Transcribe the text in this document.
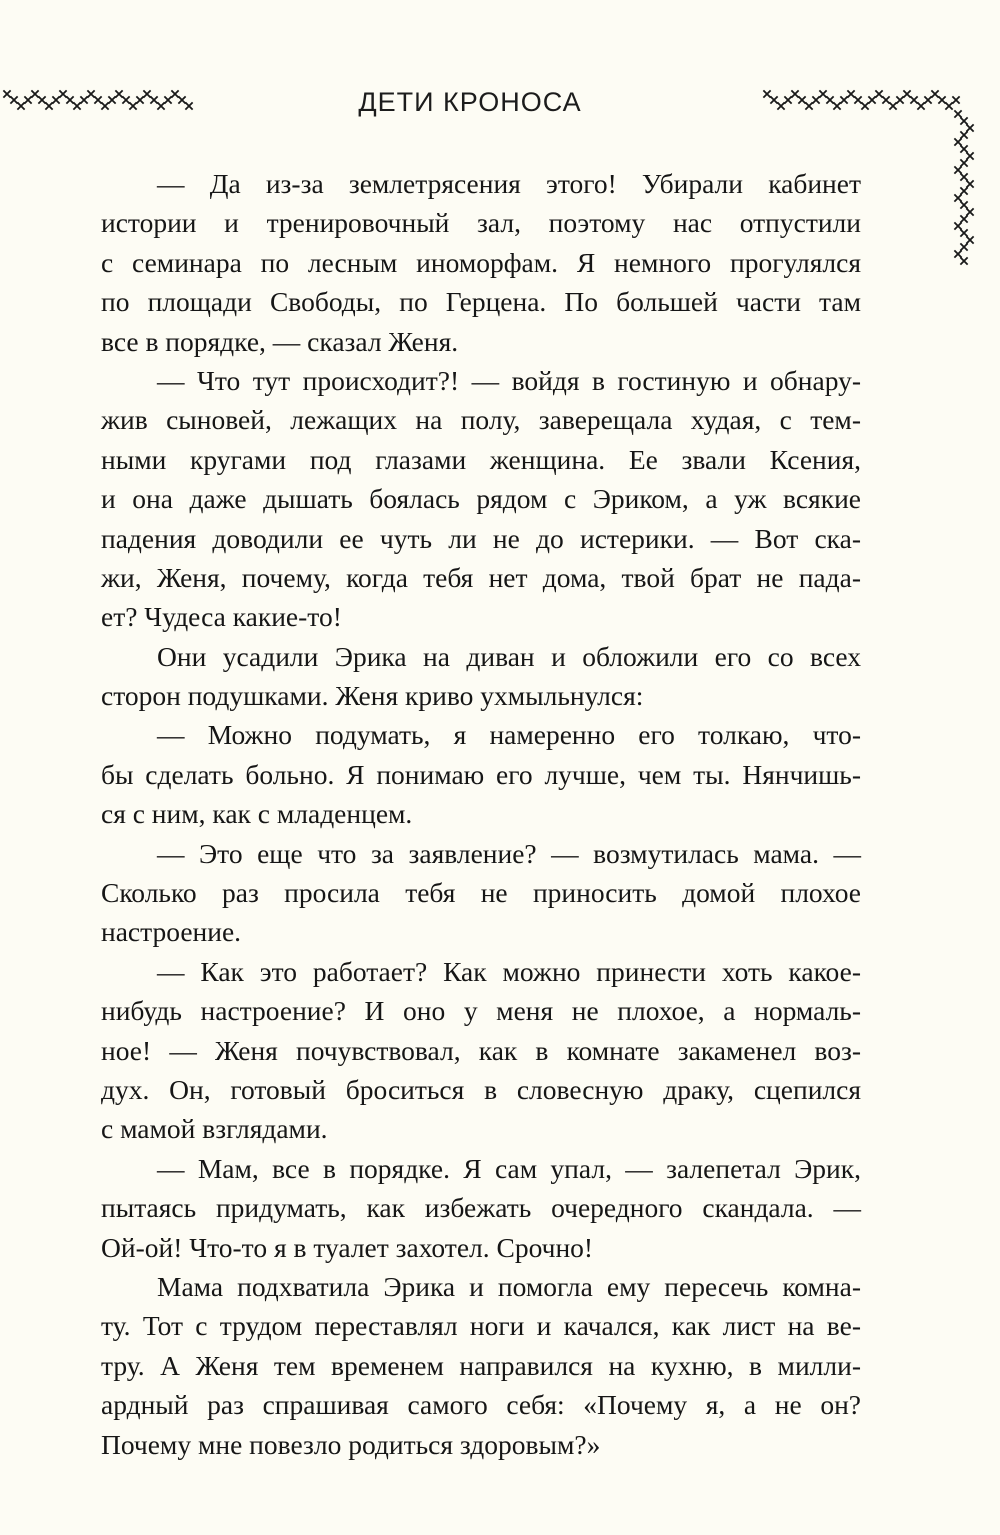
ДЕТИ КРОНОСА
— Да из-за землетрясения этого! Убирали кабинет
истории и тренировочный зал, поэтому нас отпустили
с семинара по лесным иноморфам. Я немного прогулялся
по площади Свободы, по Герцена. По большей части там
все в порядке, — сказал Женя.
— Что тут происходит?! — войдя в гостиную и обнару-
жив сыновей, лежащих на полу, заверещала худая, с тем-
ными кругами под глазами женщина. Ее звали Ксения,
и она даже дышать боялась рядом с Эриком, а уж всякие
падения доводили ее чуть ли не до истерики. — Вот ска-
жи, Женя, почему, когда тебя нет дома, твой брат не пада-
ет? Чудеса какие-то!
Они усадили Эрика на диван и обложили его со всех
сторон подушками. Женя криво ухмыльнулся:
— Можно подумать, я намеренно его толкаю, что-
бы сделать больно. Я понимаю его лучше, чем ты. Нянчишь-
ся с ним, как с младенцем.
— Это еще что за заявление? — возмутилась мама. —
Сколько раз просила тебя не приносить домой плохое
настроение.
— Как это работает? Как можно принести хоть какое-
нибудь настроение? И оно у меня не плохое, а нормаль-
ное! — Женя почувствовал, как в комнате закаменел воз-
дух. Он, готовый броситься в словесную драку, сцепился
с мамой взглядами.
— Мам, все в порядке. Я сам упал, — залепетал Эрик,
пытаясь придумать, как избежать очередного скандала. —
Ой-ой! Что-то я в туалет захотел. Срочно!
Мама подхватила Эрика и помогла ему пересечь комна-
ту. Тот с трудом переставлял ноги и качался, как лист на ве-
тру. А Женя тем временем направился на кухню, в милли-
ардный раз спрашивая самого себя: «Почему я, а не он?
Почему мне повезло родиться здоровым?»
